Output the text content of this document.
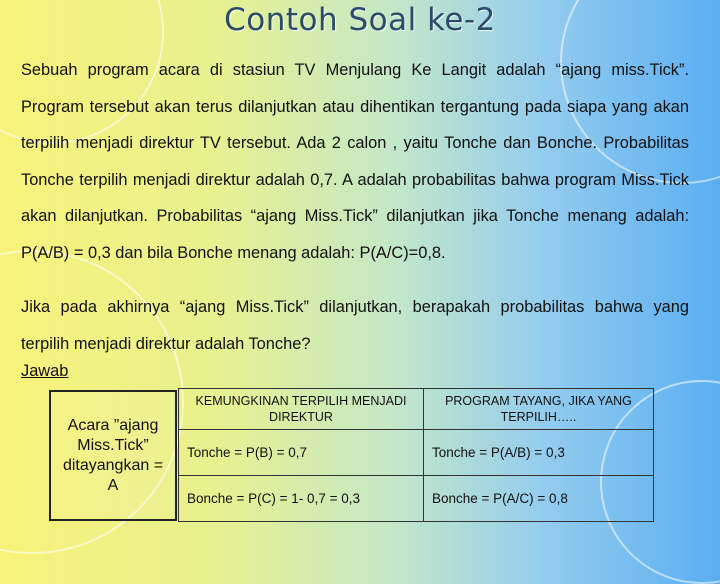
Contoh Soal ke-2

Sebuah program acara di stasiun TV Menjulang Ke Langit adalah “ajang miss.Tick”. Program tersebut akan terus dilanjutkan atau dihentikan tergantung pada siapa yang akan terpilih menjadi direktur TV tersebut. Ada 2 calon , yaitu Tonche dan Bonche. Probabilitas Tonche terpilih menjadi direktur adalah 0,7. A adalah probabilitas bahwa program Miss.Tick akan dilanjutkan. Probabilitas “ajang Miss.Tick” dilanjutkan jika Tonche menang adalah: P(A/B) = 0,3 dan bila Bonche menang adalah: P(A/C)=0,8.

Jika pada akhirnya “ajang Miss.Tick” dilanjutkan, berapakah probabilitas bahwa yang terpilih menjadi direktur adalah Tonche?

Jawab
Acara ”ajang Miss.Tick” ditayangkan = A
KEMUNGKINAN TERPILIH MENJADI DIREKTUR	PROGRAM TAYANG, JIKA YANG TERPILIH…..
Tonche = P(B) = 0,7	Tonche = P(A/B) = 0,3
Bonche = P(C) = 1- 0,7 = 0,3	Bonche = P(A/C) = 0,8
